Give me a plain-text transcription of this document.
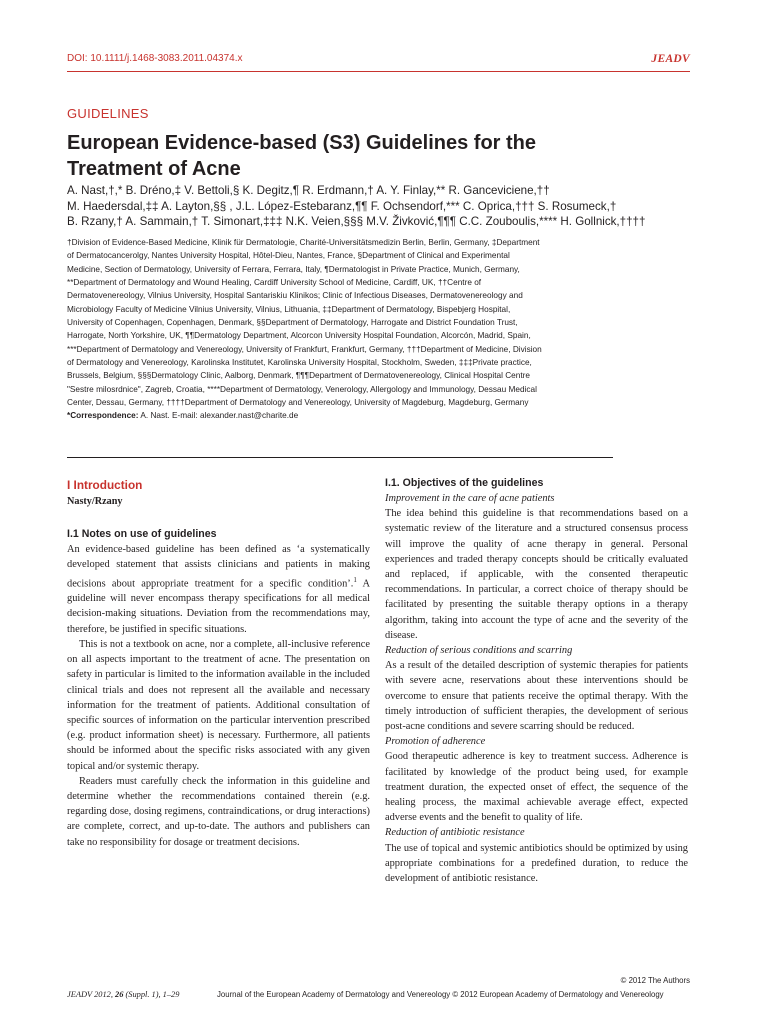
DOI: 10.1111/j.1468-3083.2011.04374.x	JEADV
GUIDELINES
European Evidence-based (S3) Guidelines for the Treatment of Acne
A. Nast,†,* B. Dréno,‡ V. Bettoli,§ K. Degitz,¶ R. Erdmann,† A. Y. Finlay,** R. Ganceviciene,††
M. Haedersdal,‡‡ A. Layton,§§ , J.L. López-Estebaranz,¶¶ F. Ochsendorf,*** C. Oprica,††† S. Rosumeck,†
B. Rzany,† A. Sammain,† T. Simonart,‡‡‡ N.K. Veien,§§§ M.V. Živković,¶¶¶ C.C. Zouboulis,**** H. Gollnick,††††
†Division of Evidence-Based Medicine, Klinik für Dermatologie, Charité-Universitätsmedizin Berlin, Berlin, Germany, ‡Department
of Dermatocancerolgy, Nantes University Hospital, Hôtel-Dieu, Nantes, France, §Department of Clinical and Experimental
Medicine, Section of Dermatology, University of Ferrara, Ferrara, Italy, ¶Dermatologist in Private Practice, Munich, Germany,
**Department of Dermatology and Wound Healing, Cardiff University School of Medicine, Cardiff, UK, ††Centre of
Dermatovenereology, Vilnius University, Hospital Santariskiu Klinikos; Clinic of Infectious Diseases, Dermatovenereology and
Microbiology Faculty of Medicine Vilnius University, Vilnius, Lithuania, ‡‡Department of Dermatology, Bispebjerg Hospital,
University of Copenhagen, Copenhagen, Denmark, §§Department of Dermatology, Harrogate and District Foundation Trust,
Harrogate, North Yorkshire, UK, ¶¶Dermatology Department, Alcorcon University Hospital Foundation, Alcorcón, Madrid, Spain,
***Department of Dermatology and Venereology, University of Frankfurt, Frankfurt, Germany, †††Department of Medicine, Division
of Dermatology and Venereology, Karolinska Institutet, Karolinska University Hospital, Stockholm, Sweden, ‡‡‡Private practice,
Brussels, Belgium, §§§Dermatology Clinic, Aalborg, Denmark, ¶¶¶Department of Dermatovenereology, Clinical Hospital Centre
"Sestre milosrdnice", Zagreb, Croatia, ****Department of Dermatology, Venerology, Allergology and Immunology, Dessau Medical
Center, Dessau, Germany, ††††Department of Dermatology and Venereology, University of Magdeburg, Magdeburg, Germany
*Correspondence: A. Nast. E-mail: alexander.nast@charite.de
I Introduction

Nasty/Rzany

I.1 Notes on use of guidelines

An evidence-based guideline has been defined as ‘a systematically developed statement that assists clinicians and patients in making decisions about appropriate treatment for a specific condition’.$^1$ A guideline will never encompass therapy specifications for all medical decision-making situations. Deviation from the recommendations may, therefore, be justified in specific situations.

This is not a textbook on acne, nor a complete, all-inclusive reference on all aspects important to the treatment of acne. The presentation on safety in particular is limited to the information available in the included clinical trials and does not represent all the available and necessary information for the treatment of patients. Additional consultation of specific sources of information on the particular intervention prescribed (e.g. product information sheet) is necessary. Furthermore, all patients should be informed about the specific risks associated with any given topical and/or systemic therapy.

Readers must carefully check the information in this guideline and determine whether the recommendations contained therein (e.g. regarding dose, dosing regimens, contraindications, or drug interactions) are complete, correct, and up-to-date. The authors and publishers can take no responsibility for dosage or treatment decisions.

I.1. Objectives of the guidelines
Improvement in the care of acne patients

The idea behind this guideline is that recommendations based on a systematic review of the literature and a structured consensus process will improve the quality of acne therapy in general. Personal experiences and traded therapy concepts should be critically evaluated and replaced, if applicable, with the consented therapeutic recommendations. In particular, a correct choice of therapy should be facilitated by presenting the suitable therapy options in a therapy algorithm, taking into account the type of acne and the severity of the disease.

Reduction of serious conditions and scarring

As a result of the detailed description of systemic therapies for patients with severe acne, reservations about these interventions should be overcome to ensure that patients receive the optimal therapy. With the timely introduction of sufficient therapies, the development of serious post-acne conditions and severe scarring should be reduced.

Promotion of adherence

Good therapeutic adherence is key to treatment success. Adherence is facilitated by knowledge of the product being used, for example treatment duration, the expected onset of effect, the sequence of the healing process, the maximal achievable average effect, expected adverse events and the benefit to quality of life.

Reduction of antibiotic resistance

The use of topical and systemic antibiotics should be optimized by using appropriate combinations for a predefined duration, to reduce the development of antibiotic resistance.

© 2012 The Authors
JEADV 2012, 26 (Suppl. 1), 1–29	Journal of the European Academy of Dermatology and Venereology © 2012 European Academy of Dermatology and Venereology
